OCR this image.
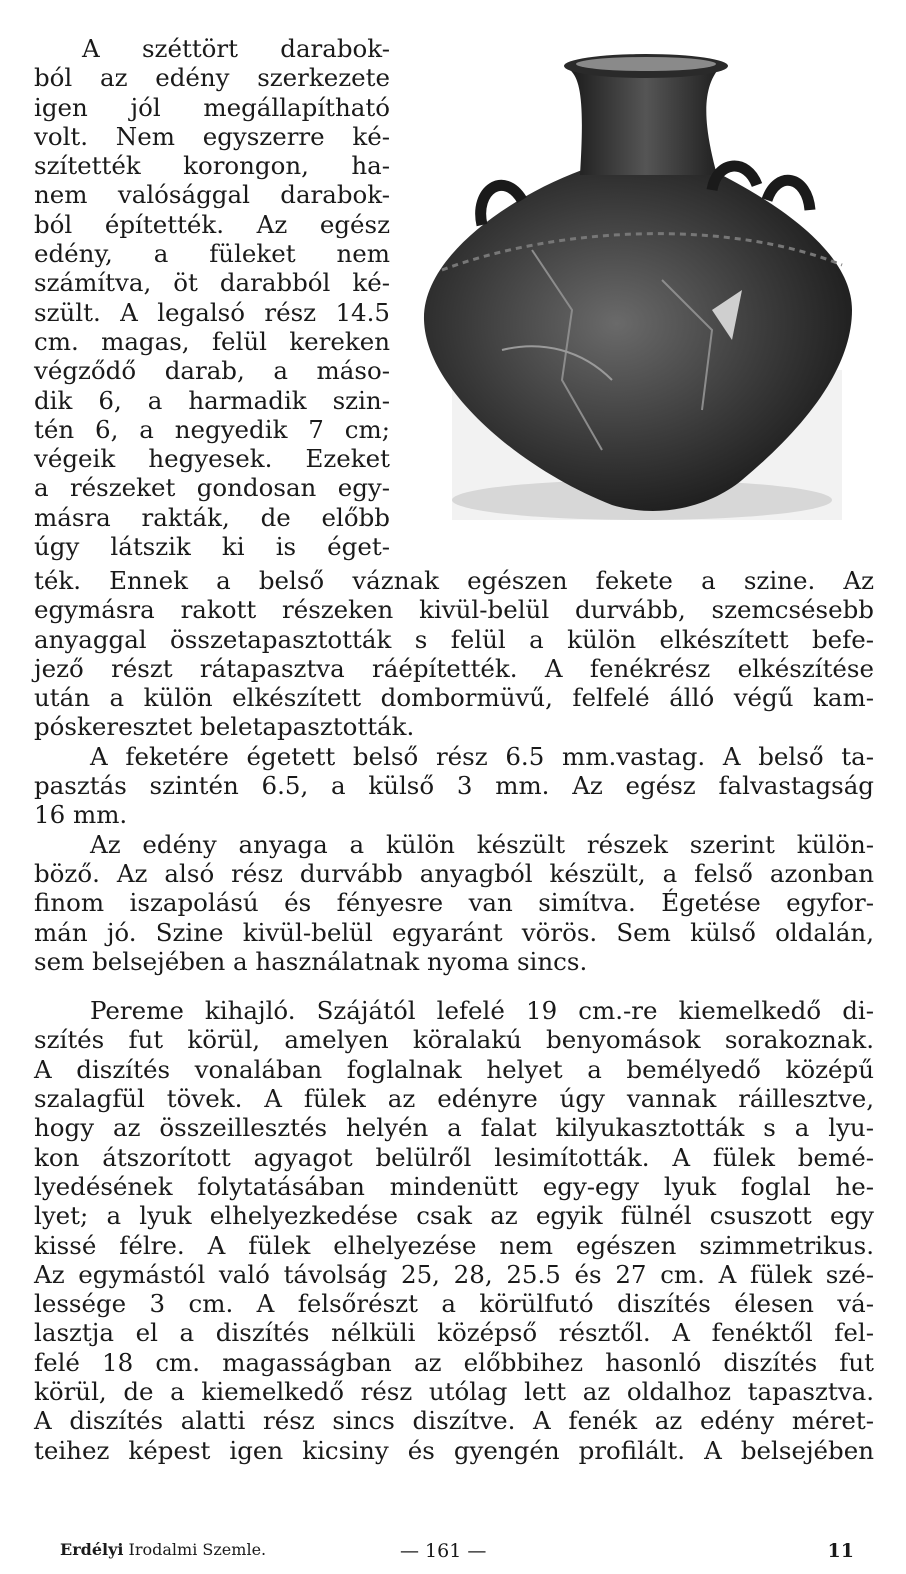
A széttört darabok-
ból az edény szerkezete
igen jól megállapítható
volt. Nem egyszerre ké-
szítették korongon, ha-
nem valósággal darabok-
ból építették. Az egész
edény, a füleket nem
számítva, öt darabból ké-
szült. A legalsó rész 14.5
cm. magas, felül kereken
végződő darab, a máso-
dik 6, a harmadik szin-
tén 6, a negyedik 7 cm;
végeik hegyesek. Ezeket
a részeket gondosan egy-
másra rakták, de előbb
úgy látszik ki is éget-
ték. Ennek a belső váznak egészen fekete a szine. Az
egymásra rakott részeken kivül-belül durvább, szemcsésebb
anyaggal összetapasztották s felül a külön elkészített befe-
jező részt rátapasztva ráépítették. A fenékrész elkészítése
után a külön elkészített dombormüvű, felfelé álló végű kam-
póskeresztet beletapasztották.
A feketére égetett belső rész 6.5 mm.vastag. A belső ta-
pasztás szintén 6.5, a külső 3 mm. Az egész falvastagság
16 mm.
Az edény anyaga a külön készült részek szerint külön-
böző. Az alsó rész durvább anyagból készült, a felső azonban
finom iszapolású és fényesre van simítva. Égetése egyfor-
mán jó. Szine kivül-belül egyaránt vörös. Sem külső oldalán,
sem belsejében a használatnak nyoma sincs.
Pereme kihajló. Szájától lefelé 19 cm.-re kiemelkedő di-
szítés fut körül, amelyen köralakú benyomások sorakoznak.
A diszítés vonalában foglalnak helyet a bemélyedő középű
szalagfül tövek. A fülek az edényre úgy vannak ráillesztve,
hogy az összeillesztés helyén a falat kilyukasztották s a lyu-
kon átszorított agyagot belülről lesimították. A fülek bemé-
lyedésének folytatásában mindenütt egy-egy lyuk foglal he-
lyet; a lyuk elhelyezkedése csak az egyik fülnél csuszott egy
kissé félre. A fülek elhelyezése nem egészen szimmetrikus.
Az egymástól való távolság 25, 28, 25.5 és 27 cm. A fülek szé-
lessége 3 cm. A felsőrészt a körülfutó diszítés élesen vá-
lasztja el a diszítés nélküli középső résztől. A fenéktől fel-
felé 18 cm. magasságban az előbbihez hasonló diszítés fut
körül, de a kiemelkedő rész utólag lett az oldalhoz tapasztva.
A diszítés alatti rész sincs diszítve. A fenék az edény méret-
teihez képest igen kicsiny és gyengén profilált. A belsejében
Erdélyi Irodalmi Szemle.	— 161 —	11
